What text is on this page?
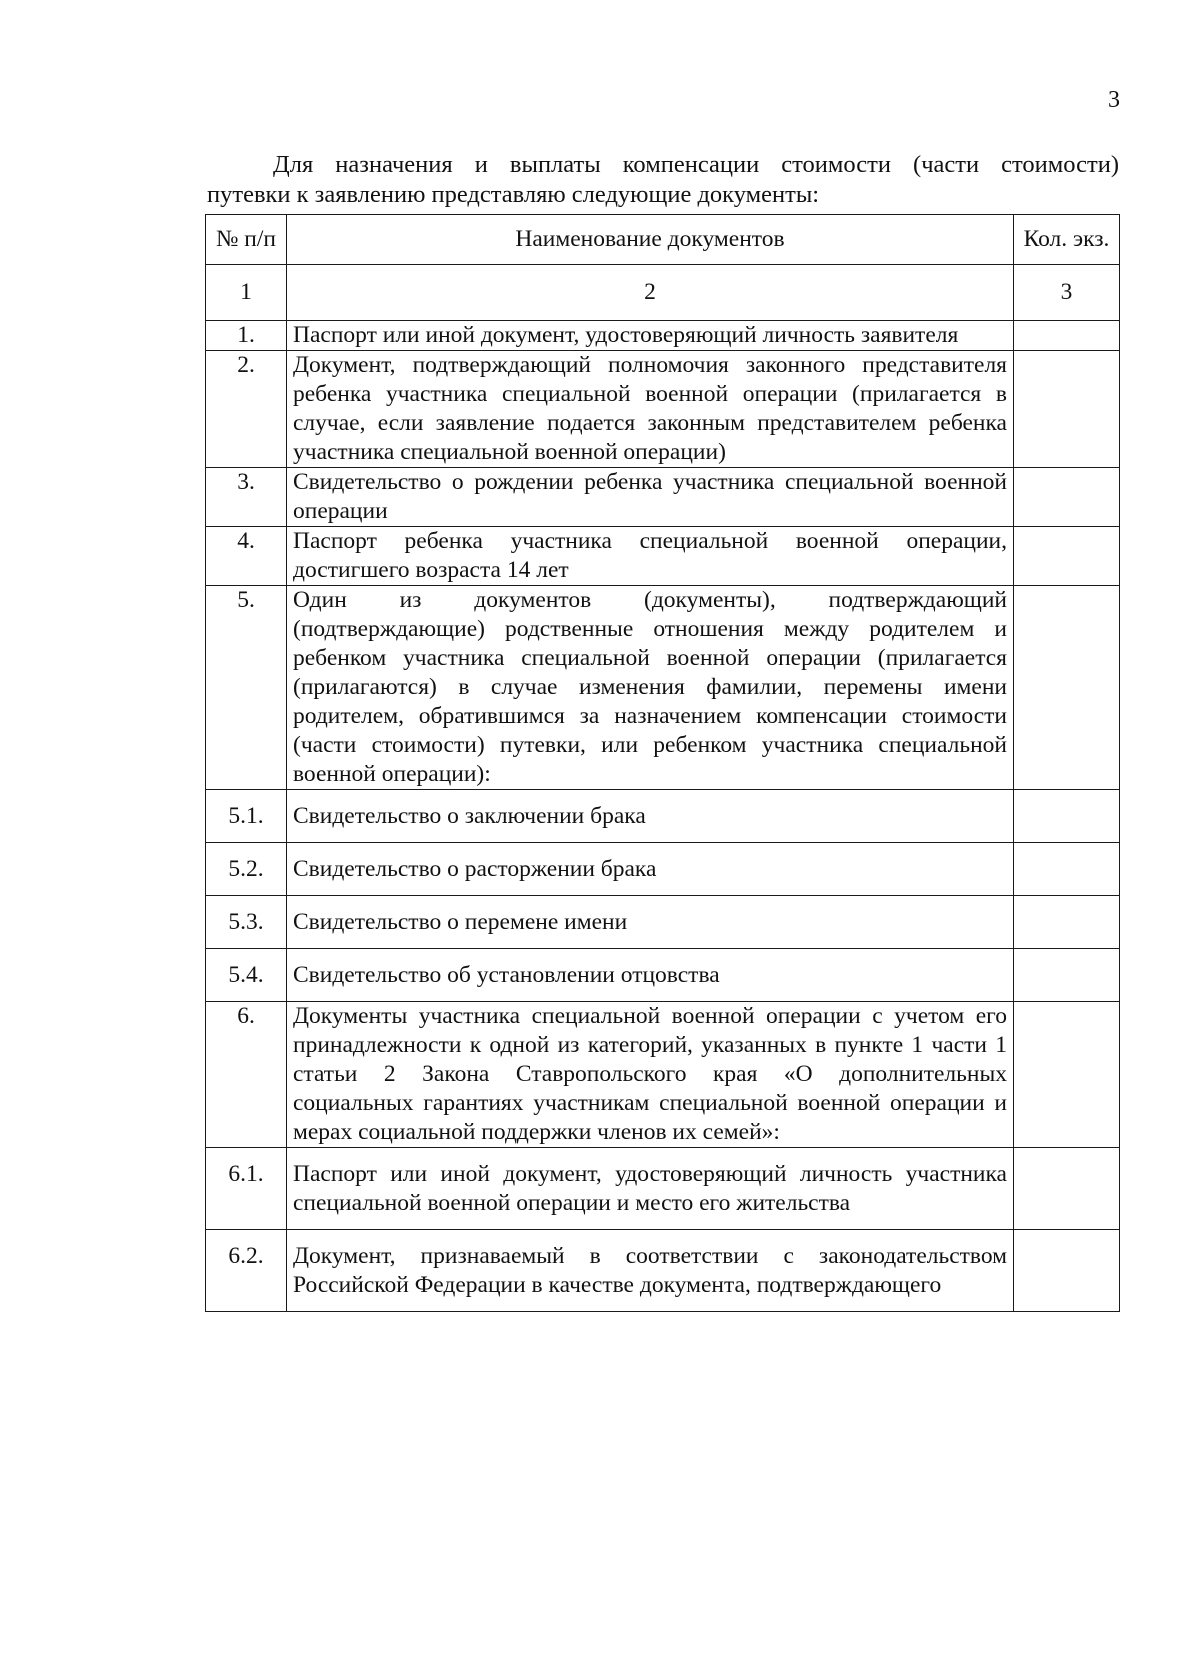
3
Для назначения и выплаты компенсации стоимости (части стоимости)
путевки к заявлению представляю следующие документы:
№ п/п	Наименование документов	Кол. экз.
1	2	3
1.	Паспорт или иной документ, удостоверяющий личность заявителя	
2.	Документ, подтверждающий полномочия законного представителя ребенка участника специальной военной операции (прилагается в случае, если заявление подается законным представителем ребенка участника специальной военной операции)	
3.	Свидетельство о рождении ребенка участника специальной военной операции	
4.	Паспорт ребенка участника специальной военной операции, достигшего возраста 14 лет	
5.	Один из документов (документы), подтверждающий (подтверждающие) родственные отношения между родителем и ребенком участника специальной военной операции (прилагается (прилагаются) в случае изменения фамилии, перемены имени родителем, обратившимся за назначением компенсации стоимости (части стоимости) путевки, или ребенком участника специальной военной операции):	
5.1.	Свидетельство о заключении брака	
5.2.	Свидетельство о расторжении брака	
5.3.	Свидетельство о перемене имени	
5.4.	Свидетельство об установлении отцовства	
6.	Документы участника специальной военной операции с учетом его принадлежности к одной из категорий, указанных в пункте 1 части 1 статьи 2 Закона Ставропольского края «О дополнительных социальных гарантиях участникам специальной военной операции и мерах социальной поддержки членов их семей»:	
6.1.	Паспорт или иной документ, удостоверяющий личность участника специальной военной операции и место его жительства	
6.2.	Документ, признаваемый в соответствии с законодательством Российской Федерации в качестве документа, подтверждающего	
